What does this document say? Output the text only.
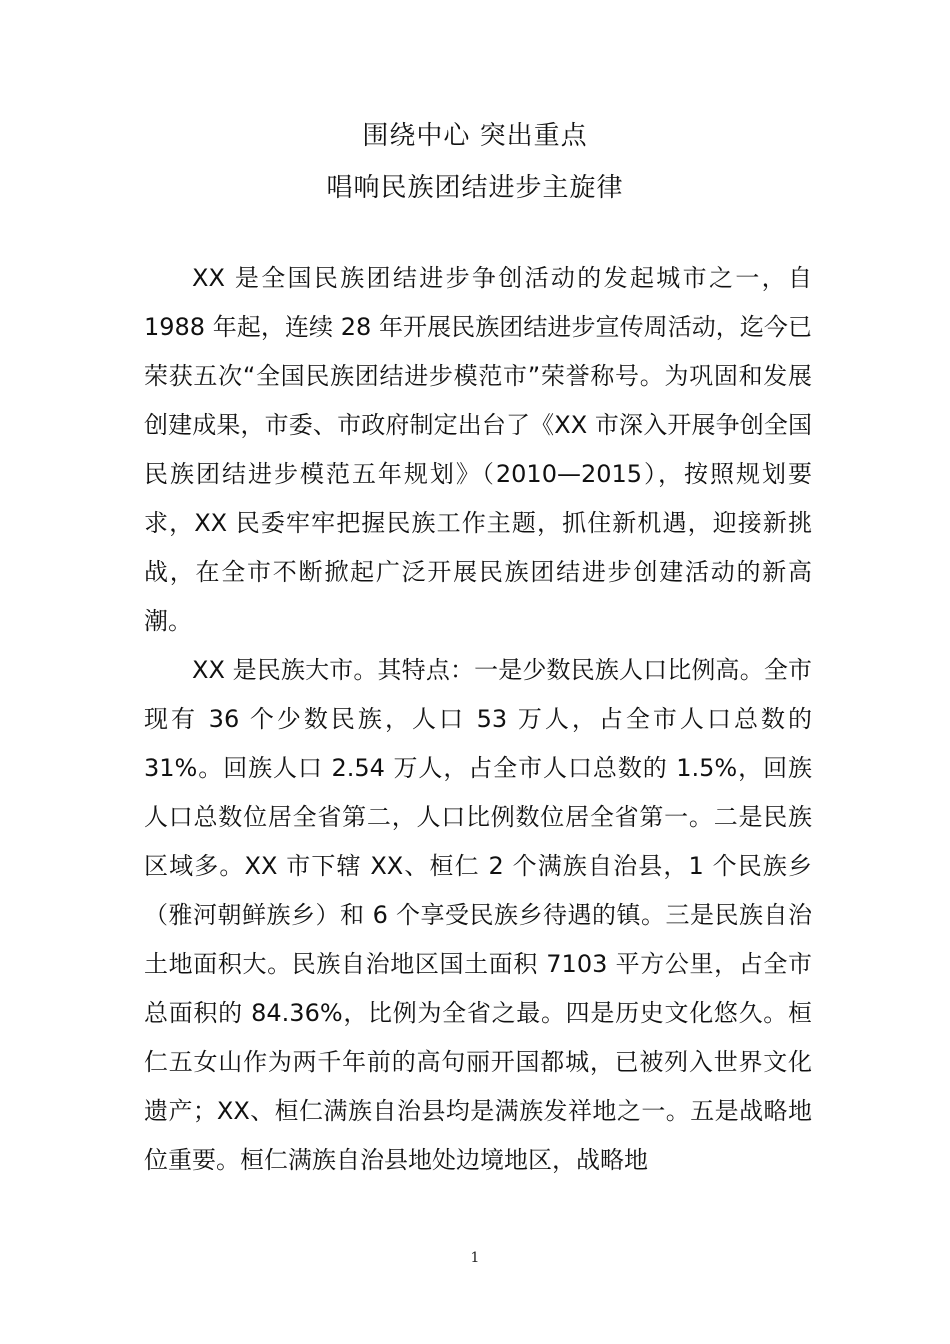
围绕中心 突出重点
唱响民族团结进步主旋律

XX 是全国民族团结进步争创活动的发起城市之一，自 1988 年起，连续 28 年开展民族团结进步宣传周活动，迄今已荣获五次“全国民族团结进步模范市”荣誉称号。为巩固和发展创建成果，市委、市政府制定出台了《XX 市深入开展争创全国民族团结进步模范五年规划》（2010—2015），按照规划要求，XX 民委牢牢把握民族工作主题，抓住新机遇，迎接新挑战，在全市不断掀起广泛开展民族团结进步创建活动的新高潮。

XX 是民族大市。其特点：一是少数民族人口比例高。全市现有 36 个少数民族，人口 53 万人，占全市人口总数的 31%。回族人口 2.54 万人，占全市人口总数的 1.5%，回族人口总数位居全省第二，人口比例数位居全省第一。二是民族区域多。XX 市下辖 XX、桓仁 2 个满族自治县，1 个民族乡（雅河朝鲜族乡）和 6 个享受民族乡待遇的镇。三是民族自治土地面积大。民族自治地区国土面积 7103 平方公里，占全市总面积的 84.36%，比例为全省之最。四是历史文化悠久。桓仁五女山作为两千年前的高句丽开国都城，已被列入世界文化遗产；XX、桓仁满族自治县均是满族发祥地之一。五是战略地位重要。桓仁满族自治县地处边境地区，战略地

1
